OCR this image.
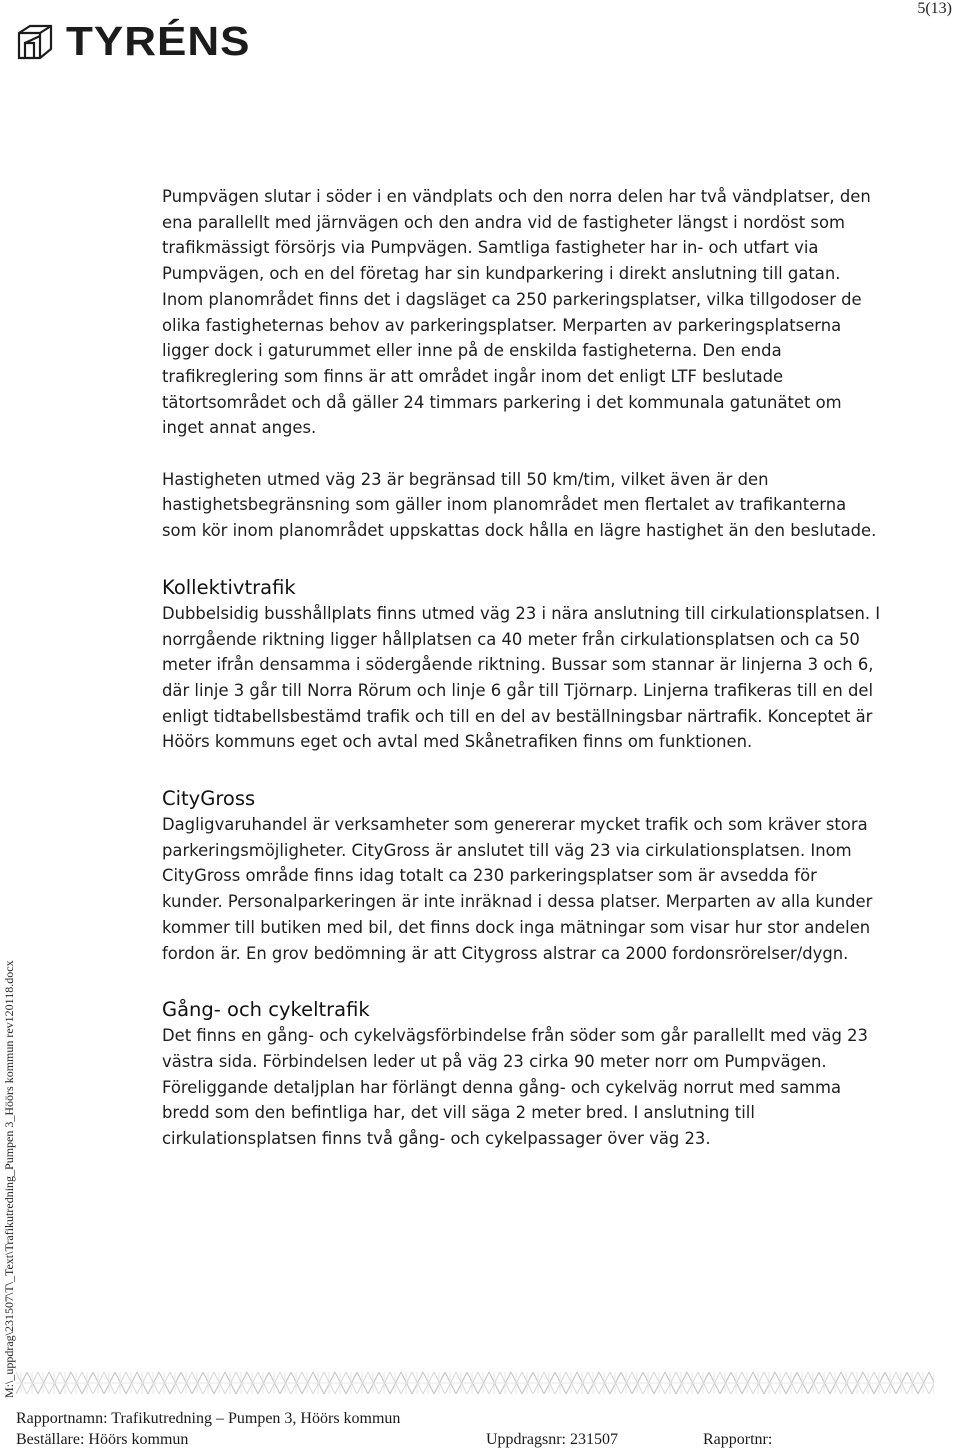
5(13)
TYRÉNS

Pumpvägen slutar i söder i en vändplats och den norra delen har två vändplatser, den ena parallellt med järnvägen och den andra vid de fastigheter längst i nordöst som trafikmässigt försörjs via Pumpvägen. Samtliga fastigheter har in- och utfart via Pumpvägen, och en del företag har sin kundparkering i direkt anslutning till gatan. Inom planområdet finns det i dagsläget ca 250 parkeringsplatser, vilka tillgodoser de olika fastigheternas behov av parkeringsplatser. Merparten av parkeringsplatserna ligger dock i gaturummet eller inne på de enskilda fastigheterna. Den enda trafikreglering som finns är att området ingår inom det enligt LTF beslutade tätortsområdet och då gäller 24 timmars parkering i det kommunala gatunätet om inget annat anges.

Hastigheten utmed väg 23 är begränsad till 50 km/tim, vilket även är den hastighetsbegränsning som gäller inom planområdet men flertalet av trafikanterna som kör inom planområdet uppskattas dock hålla en lägre hastighet än den beslutade.

Kollektivtrafik

Dubbelsidig busshållplats finns utmed väg 23 i nära anslutning till cirkulationsplatsen. I norrgående riktning ligger hållplatsen ca 40 meter från cirkulationsplatsen och ca 50 meter ifrån densamma i södergående riktning. Bussar som stannar är linjerna 3 och 6, där linje 3 går till Norra Rörum och linje 6 går till Tjörnarp. Linjerna trafikeras till en del enligt tidtabellsbestämd trafik och till en del av beställningsbar närtrafik. Konceptet är Höörs kommuns eget och avtal med Skånetrafiken finns om funktionen.

CityGross

Dagligvaruhandel är verksamheter som genererar mycket trafik och som kräver stora parkeringsmöjligheter. CityGross är anslutet till väg 23 via cirkulationsplatsen. Inom CityGross område finns idag totalt ca 230 parkeringsplatser som är avsedda för kunder. Personalparkeringen är inte inräknad i dessa platser. Merparten av alla kunder kommer till butiken med bil, det finns dock inga mätningar som visar hur stor andelen fordon är. En grov bedömning är att Citygross alstrar ca 2000 fordonsrörelser/dygn.

Gång- och cykeltrafik

Det finns en gång- och cykelvägsförbindelse från söder som går parallellt med väg 23 västra sida. Förbindelsen leder ut på väg 23 cirka 90 meter norr om Pumpvägen. Föreliggande detaljplan har förlängt denna gång- och cykelväg norrut med samma bredd som den befintliga har, det vill säga 2 meter bred. I anslutning till cirkulationsplatsen finns två gång- och cykelpassager över väg 23.

M:\_uppdrag\231507\T\_Text\Trafikutredning_Pumpen 3_Höörs kommun rev120118.docx
Rapportnamn: Trafikutredning – Pumpen 3, Höörs kommun
Beställare: Höörs kommun	Uppdragsnr: 231507	Rapportnr:
